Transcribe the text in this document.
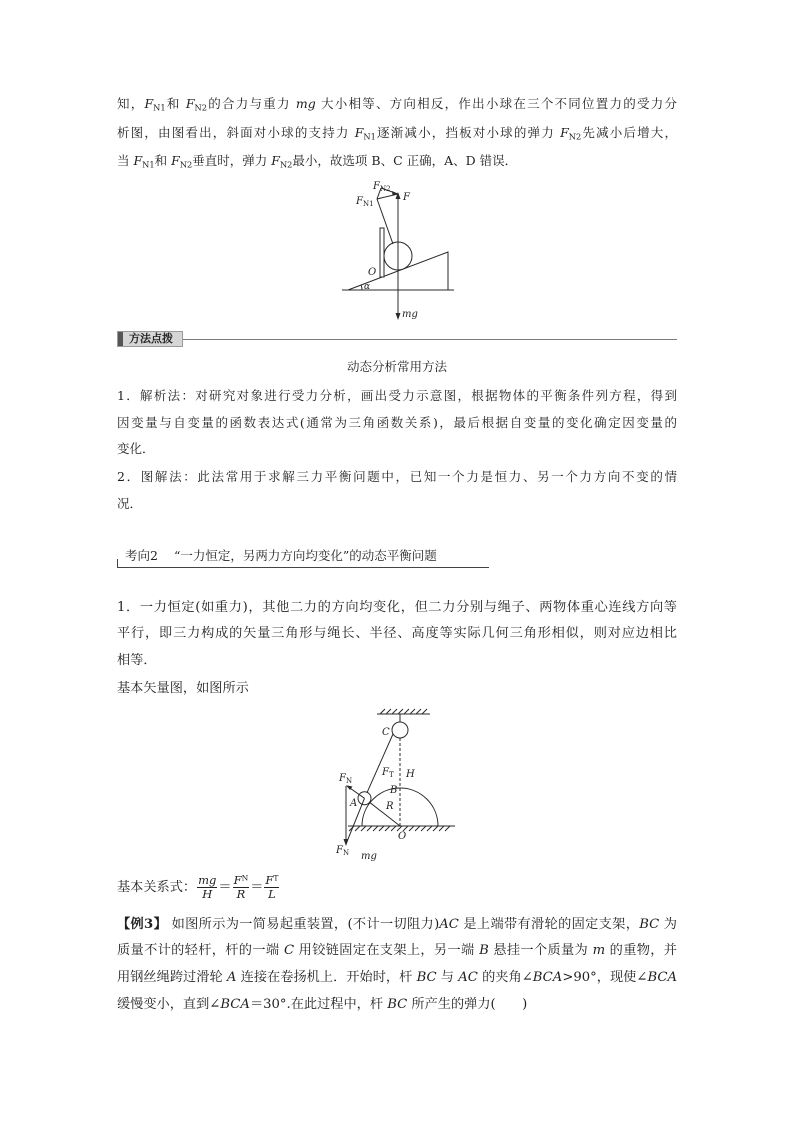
知，$F_{N1}$和 $F_{N2}$的合力与重力 mg 大小相等、方向相反，作出小球在三个不同位置力的受力分
析图，由图看出，斜面对小球的支持力 $F_{N1}$逐渐减小，挡板对小球的弹力 $F_{N2}$先减小后增大，
当 $F_{N1}$和 $F_{N2}$垂直时，弹力 $F_{N2}$最小，故选项 B、C 正确，A、D 错误．
$F_{N2}$
$F_{N1}$
F
O
α
mg
方法点拨
动态分析常用方法
1．解析法：对研究对象进行受力分析，画出受力示意图，根据物体的平衡条件列方程，得到
因变量与自变量的函数表达式(通常为三角函数关系)，最后根据自变量的变化确定因变量的
变化．
2．图解法：此法常用于求解三力平衡问题中，已知一个力是恒力、另一个力方向不变的情
况．
考向2 “一力恒定，另两力方向均变化”的动态平衡问题
1．一力恒定(如重力)，其他二力的方向均变化，但二力分别与绳子、两物体重心连线方向等
平行，即三力构成的矢量三角形与绳长、半径、高度等实际几何三角形相似，则对应边相比
相等．
基本矢量图，如图所示
C
$F_T$ H
$F_N$
B
A	R
O
$F_N$ mg
基本关系式： $\frac{mg}{H} = \frac{F^N}{R} = \frac{F^T}{L}$
【例3】 如图所示为一简易起重装置，(不计一切阻力)AC 是上端带有滑轮的固定支架，BC 为
质量不计的轻杆，杆的一端 C 用铰链固定在支架上，另一端 B 悬挂一个质量为 m 的重物，并
用钢丝绳跨过滑轮 A 连接在卷扬机上．开始时，杆 BC 与 AC 的夹角∠BCA>90°，现使∠BCA
缓慢变小，直到∠BCA＝30°.在此过程中，杆 BC 所产生的弹力(　　)
